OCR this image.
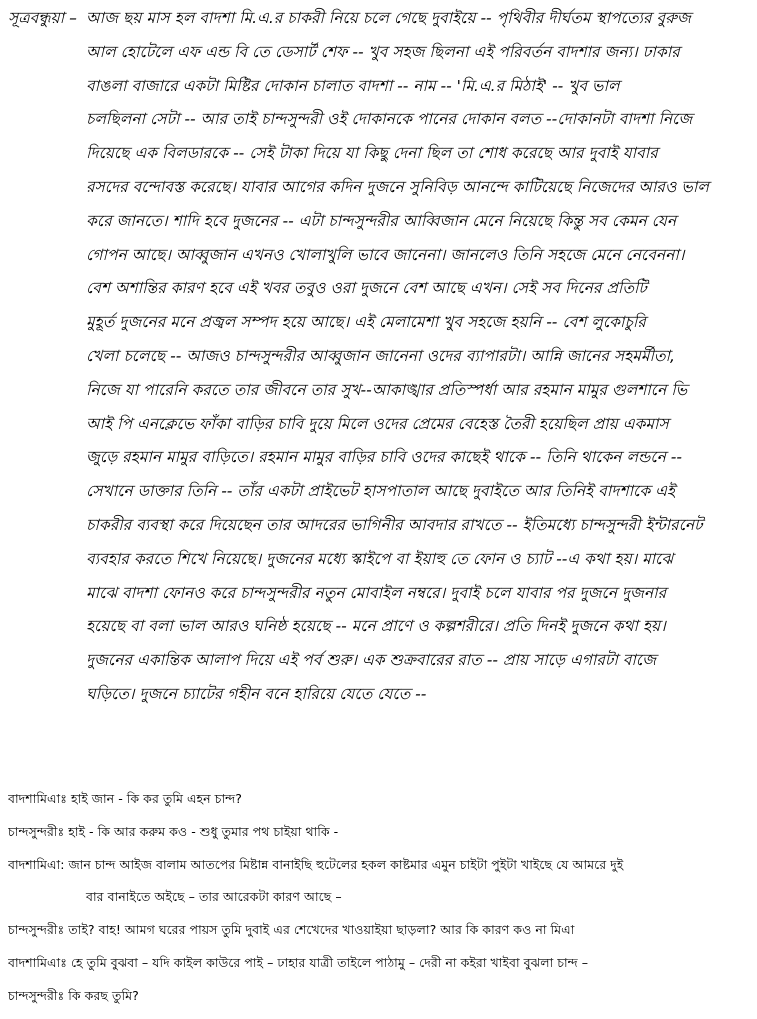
সূত্রবন্ধুয়া – আজ ছয় মাস হল বাদশা মি.এ.র চাকরী নিয়ে চলে গেছে দুবাইয়ে -- পৃথিবীর দীর্ঘতম স্থাপত্যের বুরুজ
আল হোটেলে এফ এন্ড বি তে ডেসার্ট শেফ -- খুব সহজ ছিলনা এই পরিবর্তন বাদশার জন্য। ঢাকার
বাঙলা বাজারে একটা মিষ্টির দোকান চালাত বাদশা -- নাম -- 'মি.এ.র মিঠাই' -- খুব ভাল
চলছিলনা সেটা -- আর তাই চান্দসুন্দরী ওই দোকানকে পানের দোকান বলত --দোকানটা বাদশা নিজে
দিয়েছে এক বিলডারকে -- সেই টাকা দিয়ে যা কিছু দেনা ছিল তা শোধ করেছে আর দুবাই যাবার
রসদের বন্দোবস্ত করেছে। যাবার আগের কদিন দুজনে সুনিবিড় আনন্দে কাটিয়েছে নিজেদের আরও ভাল
করে জানতে। শাদি হবে দুজনের -- এটা চান্দসুন্দরীর আব্বিজান মেনে নিয়েছে কিন্তু সব কেমন যেন
গোপন আছে। আব্বুজান এখনও খোলাখুলি ভাবে জানেনা। জানলেও তিনি সহজে মেনে নেবেননা।
বেশ অশান্তির কারণ হবে এই খবর তবুও ওরা দুজনে বেশ আছে এখন। সেই সব দিনের প্রতিটি
মুহূর্ত দুজনের মনে প্রজ্বল সম্পদ হয়ে আছে। এই মেলামেশা খুব সহজে হয়নি -- বেশ লুকোচুরি
খেলা চলেছে -- আজও চান্দসুন্দরীর আব্বুজান জানেনা ওদের ব্যাপারটা। আন্নি জানের সহমর্মীতা,
নিজে যা পারেনি করতে তার জীবনে তার সুখ--আকাঙ্খার প্রতিস্পর্ধা আর রহমান মামুর গুলশানে ভি
আই পি এনক্লেভে ফাঁকা বাড়ির চাবি দুয়ে মিলে ওদের প্রেমের বেহেস্ত তৈরী হয়েছিল প্রায় একমাস
জুড়ে রহমান মামুর বাড়িতে। রহমান মামুর বাড়ির চাবি ওদের কাছেই থাকে -- তিনি থাকেন লন্ডনে --
সেখানে ডাক্তার তিনি -- তাঁর একটা প্রাইভেট হাসপাতাল আছে দুবাইতে আর তিনিই বাদশাকে এই
চাকরীর ব্যবস্থা করে দিয়েছেন তার আদরের ভাগিনীর আবদার রাখতে -- ইতিমধ্যে চান্দসুন্দরী ইন্টারনেট
ব্যবহার করতে শিখে নিয়েছে। দুজনের মধ্যে স্কাইপে বা ইয়াহু তে ফোন ও চ্যাট --এ কথা হয়। মাঝে
মাঝে বাদশা ফোনও করে চান্দসুন্দরীর নতুন মোবাইল নম্বরে। দুবাই চলে যাবার পর দুজনে দুজনার
হয়েছে বা বলা ভাল আরও ঘনিষ্ঠ হয়েছে -- মনে প্রাণে ও কল্পশরীরে। প্রতি দিনই দুজনে কথা হয়।
দুজনের একান্তিক আলাপ দিয়ে এই পর্ব শুরু। এক শুক্রবারের রাত -- প্রায় সাড়ে এগারটা বাজে
ঘড়িতে। দুজনে চ্যাটের গহীন বনে হারিয়ে যেতে যেতে --
বাদশামিএাঃ হাই জান - কি কর তুমি এহন চান্দ?
চান্দসুন্দরীঃ হাই - কি আর করুম কও - শুধু তুমার পথ চাইয়া থাকি -
বাদশামিএা: জান চান্দ আইজ বালাম আতপের মিষ্টান্ন বানাইছি হুটেলের হকল কাষ্টমার এমুন চাইটা পুইটা খাইছে যে আমরে দুই
বার বানাইতে অইছে – তার আরেকটা কারণ আছে –
চান্দসুন্দরীঃ তাই? বাহ! আমগ ঘরের পায়স তুমি দুবাই এর শেখেদের খাওয়াইয়া ছাড়লা? আর কি কারণ কও না মিএা
বাদশামিএাঃ হে তুমি বুঝবা – যদি কাইল কাউরে পাই – ঢাহার যাত্রী তাইলে পাঠামু – দেরী না কইরা খাইবা বুঝলা চান্দ –
চান্দসুন্দরীঃ কি করছ তুমি?
